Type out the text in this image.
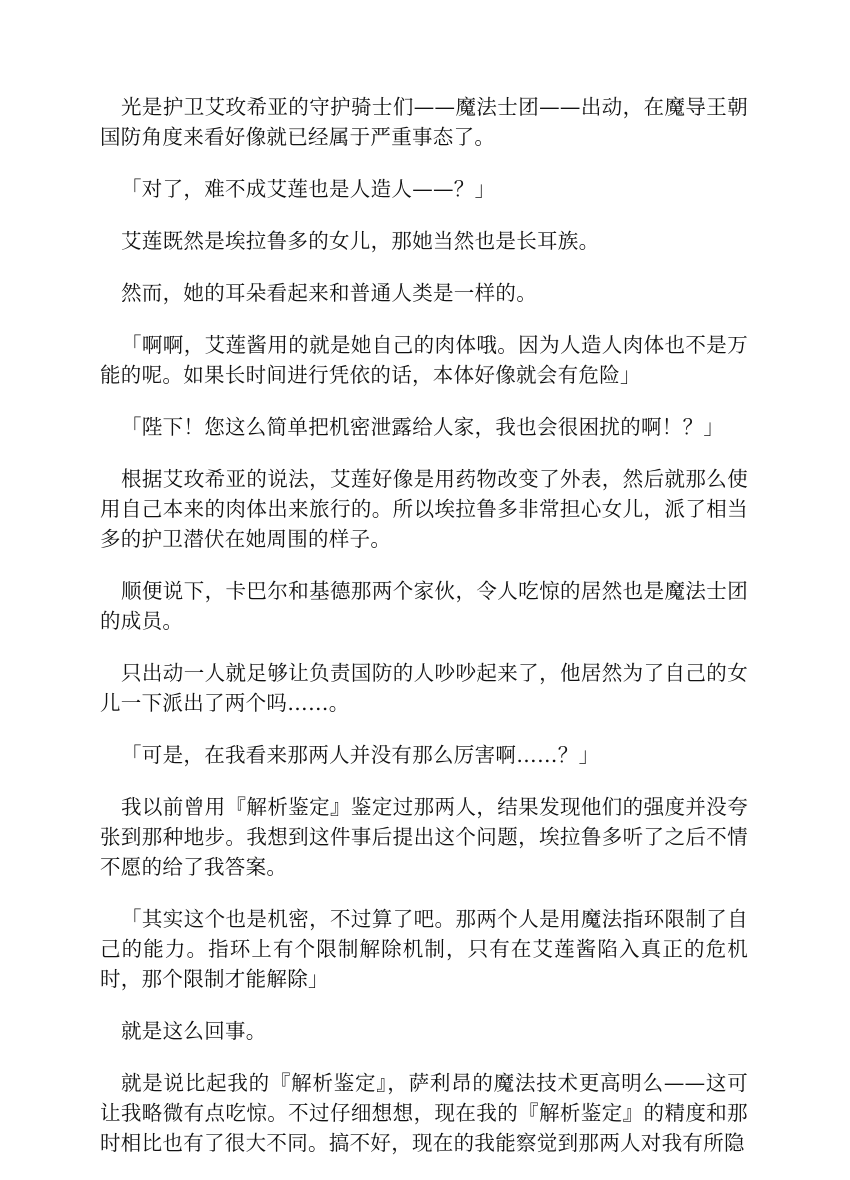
光是护卫艾玫希亚的守护骑士们——魔法士团——出动，在魔导王朝国防角度来看好像就已经属于严重事态了。

「对了，难不成艾莲也是人造人——？」

艾莲既然是埃拉鲁多的女儿，那她当然也是长耳族。

然而，她的耳朵看起来和普通人类是一样的。

「啊啊，艾莲酱用的就是她自己的肉体哦。因为人造人肉体也不是万能的呢。如果长时间进行凭依的话，本体好像就会有危险」

「陛下！您这么简单把机密泄露给人家，我也会很困扰的啊！？」

根据艾玫希亚的说法，艾莲好像是用药物改变了外表，然后就那么使用自己本来的肉体出来旅行的。所以埃拉鲁多非常担心女儿，派了相当多的护卫潜伏在她周围的样子。

顺便说下，卡巴尔和基德那两个家伙，令人吃惊的居然也是魔法士团的成员。

只出动一人就足够让负责国防的人吵吵起来了，他居然为了自己的女儿一下派出了两个吗……。

「可是，在我看来那两人并没有那么厉害啊……？」

我以前曾用『解析鉴定』鉴定过那两人，结果发现他们的强度并没夸张到那种地步。我想到这件事后提出这个问题，埃拉鲁多听了之后不情不愿的给了我答案。

「其实这个也是机密，不过算了吧。那两个人是用魔法指环限制了自己的能力。指环上有个限制解除机制，只有在艾莲酱陷入真正的危机时，那个限制才能解除」

就是这么回事。

就是说比起我的『解析鉴定』，萨利昂的魔法技术更高明么——这可让我略微有点吃惊。不过仔细想想，现在我的『解析鉴定』的精度和那时相比也有了很大不同。搞不好，现在的我能察觉到那两人对我有所隐
